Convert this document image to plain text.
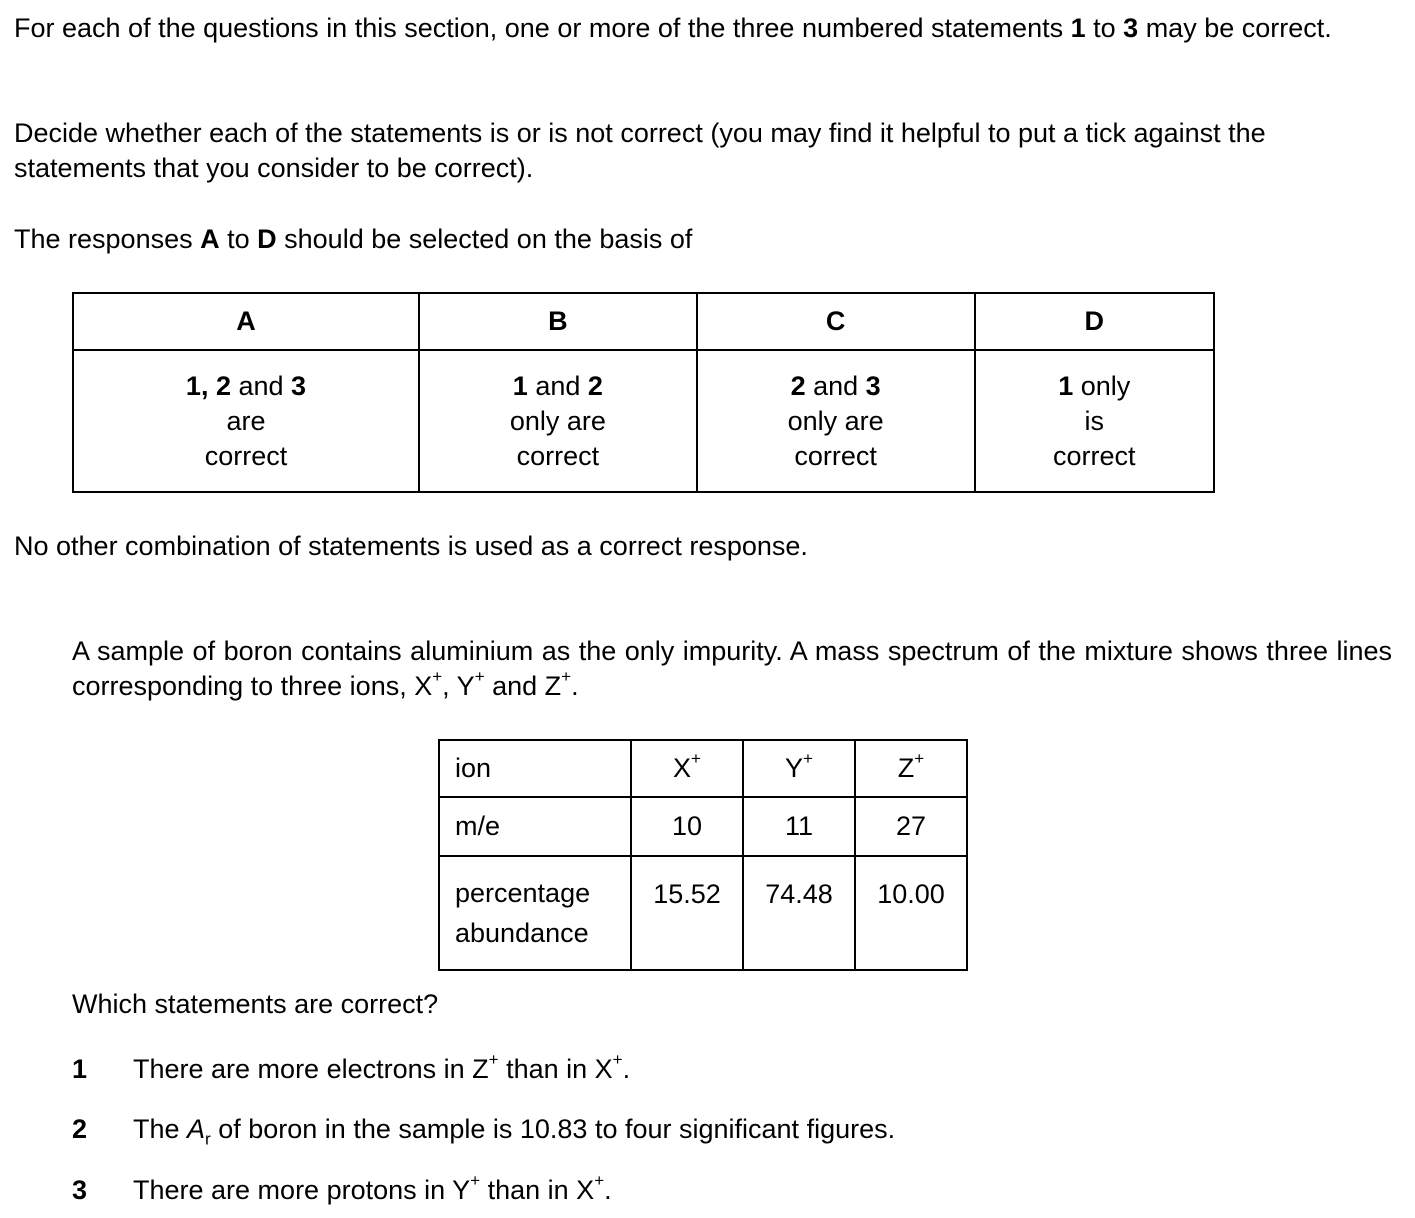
For each of the questions in this section, one or more of the three numbered statements 1 to 3 may be correct.

Decide whether each of the statements is or is not correct (you may find it helpful to put a tick against the statements that you consider to be correct).

The responses A to D should be selected on the basis of

A	B	C	D

1, 2 and 3
are
correct	1 and 2
only are
correct	2 and 3
only are
correct	1 only
is
correct

No other combination of statements is used as a correct response.

A sample of boron contains aluminium as the only impurity. A mass spectrum of the mixture shows three lines corresponding to three ions, X+, Y+ and Z+.

ion	X+	Y+	Z+
m/e	10	11	27
percentage
abundance	15.52	74.48	10.00

Which statements are correct?

1 There are more electrons in Z+ than in X+.
2 The $A_r$ of boron in the sample is 10.83 to four significant figures.
3 There are more protons in Y+ than in X+.
